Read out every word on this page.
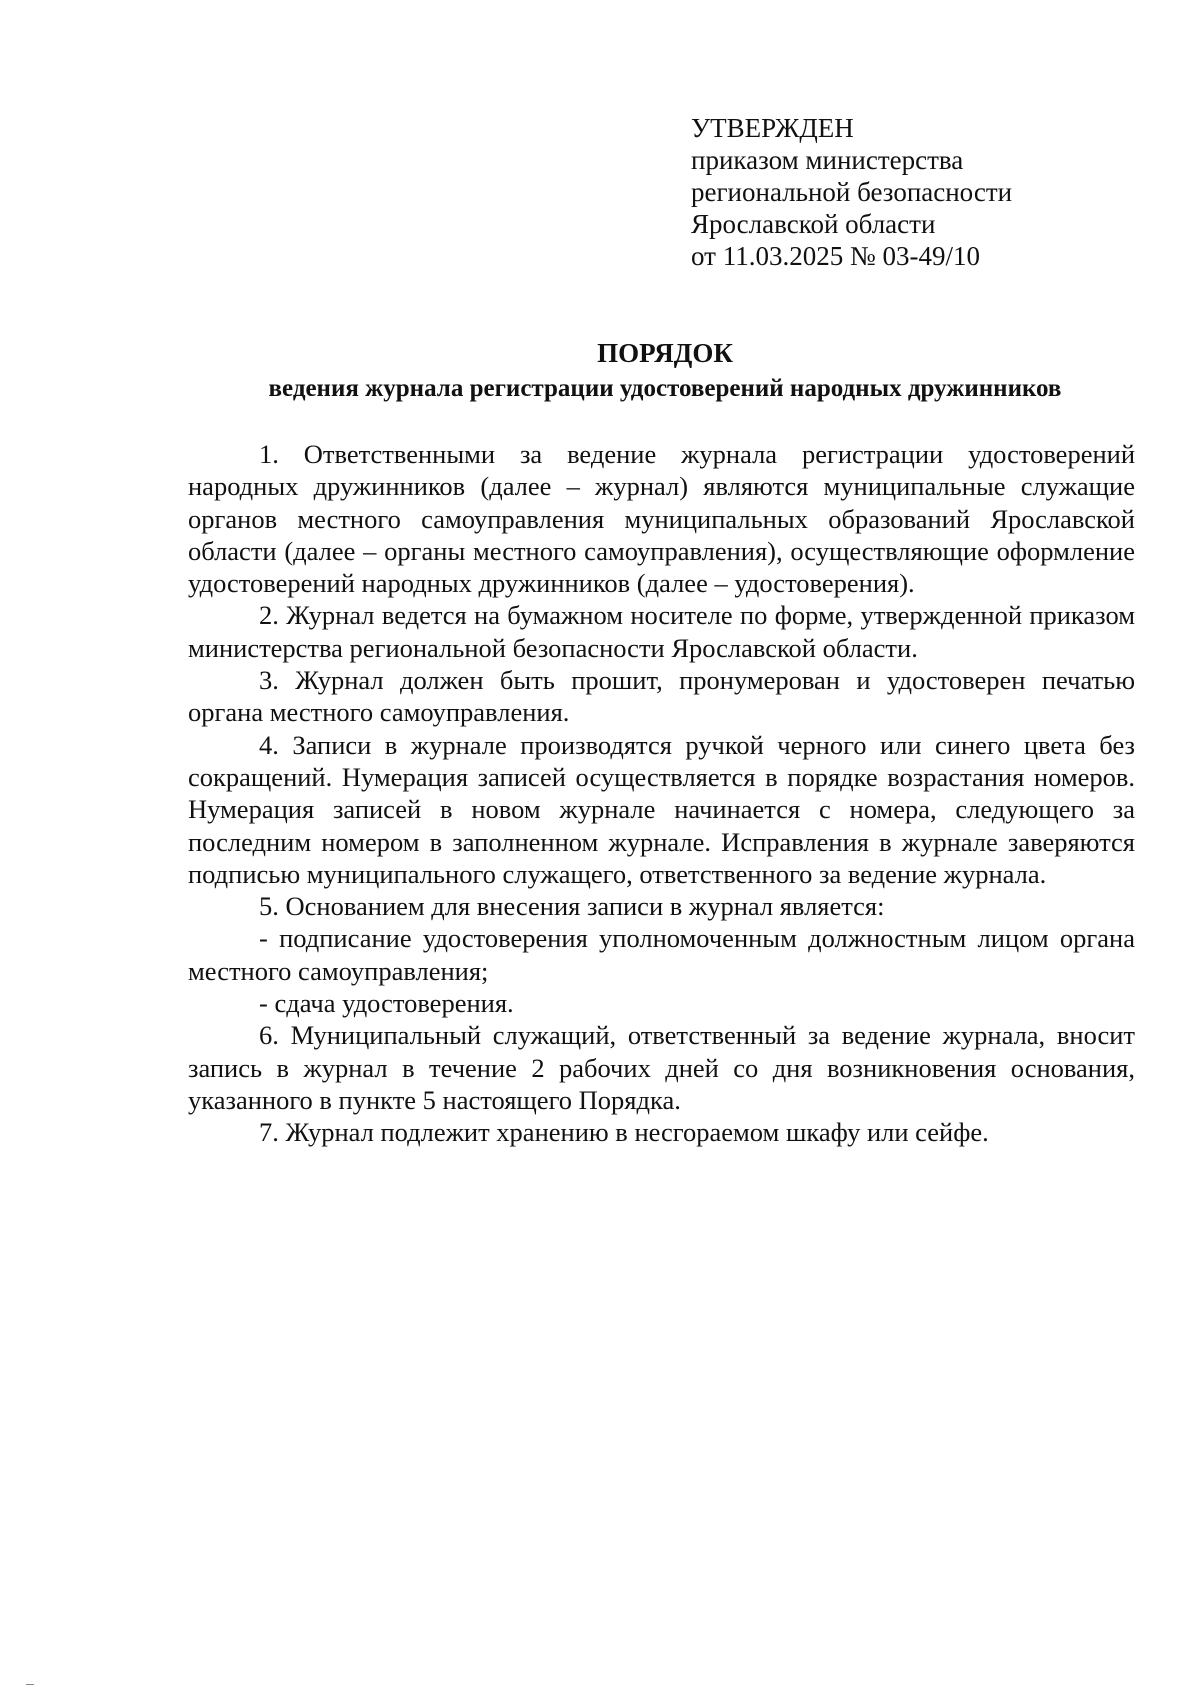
УТВЕРЖДЕН
приказом министерства
региональной безопасности
Ярославской области
от 11.03.2025 № 03-49/10
ПОРЯДОК
ведения журнала регистрации удостоверений народных дружинников

1. Ответственными за ведение журнала регистрации удостоверений народных дружинников (далее – журнал) являются муниципальные служащие органов местного самоуправления муниципальных образований Ярославской области (далее – органы местного самоуправления), осуществляющие оформление удостоверений народных дружинников (далее – удостоверения).

2. Журнал ведется на бумажном носителе по форме, утвержденной приказом министерства региональной безопасности Ярославской области.

3. Журнал должен быть прошит, пронумерован и удостоверен печатью органа местного самоуправления.

4. Записи в журнале производятся ручкой черного или синего цвета без сокращений. Нумерация записей осуществляется в порядке возрастания номеров. Нумерация записей в новом журнале начинается с номера, следующего за последним номером в заполненном журнале. Исправления в журнале заверяются подписью муниципального служащего, ответственного за ведение журнала.

5. Основанием для внесения записи в журнал является:

- подписание удостоверения уполномоченным должностным лицом органа местного самоуправления;

- сдача удостоверения.

6. Муниципальный служащий, ответственный за ведение журнала, вносит запись в журнал в течение 2 рабочих дней со дня возникновения основания, указанного в пункте 5 настоящего Порядка.

7. Журнал подлежит хранению в несгораемом шкафу или сейфе.
